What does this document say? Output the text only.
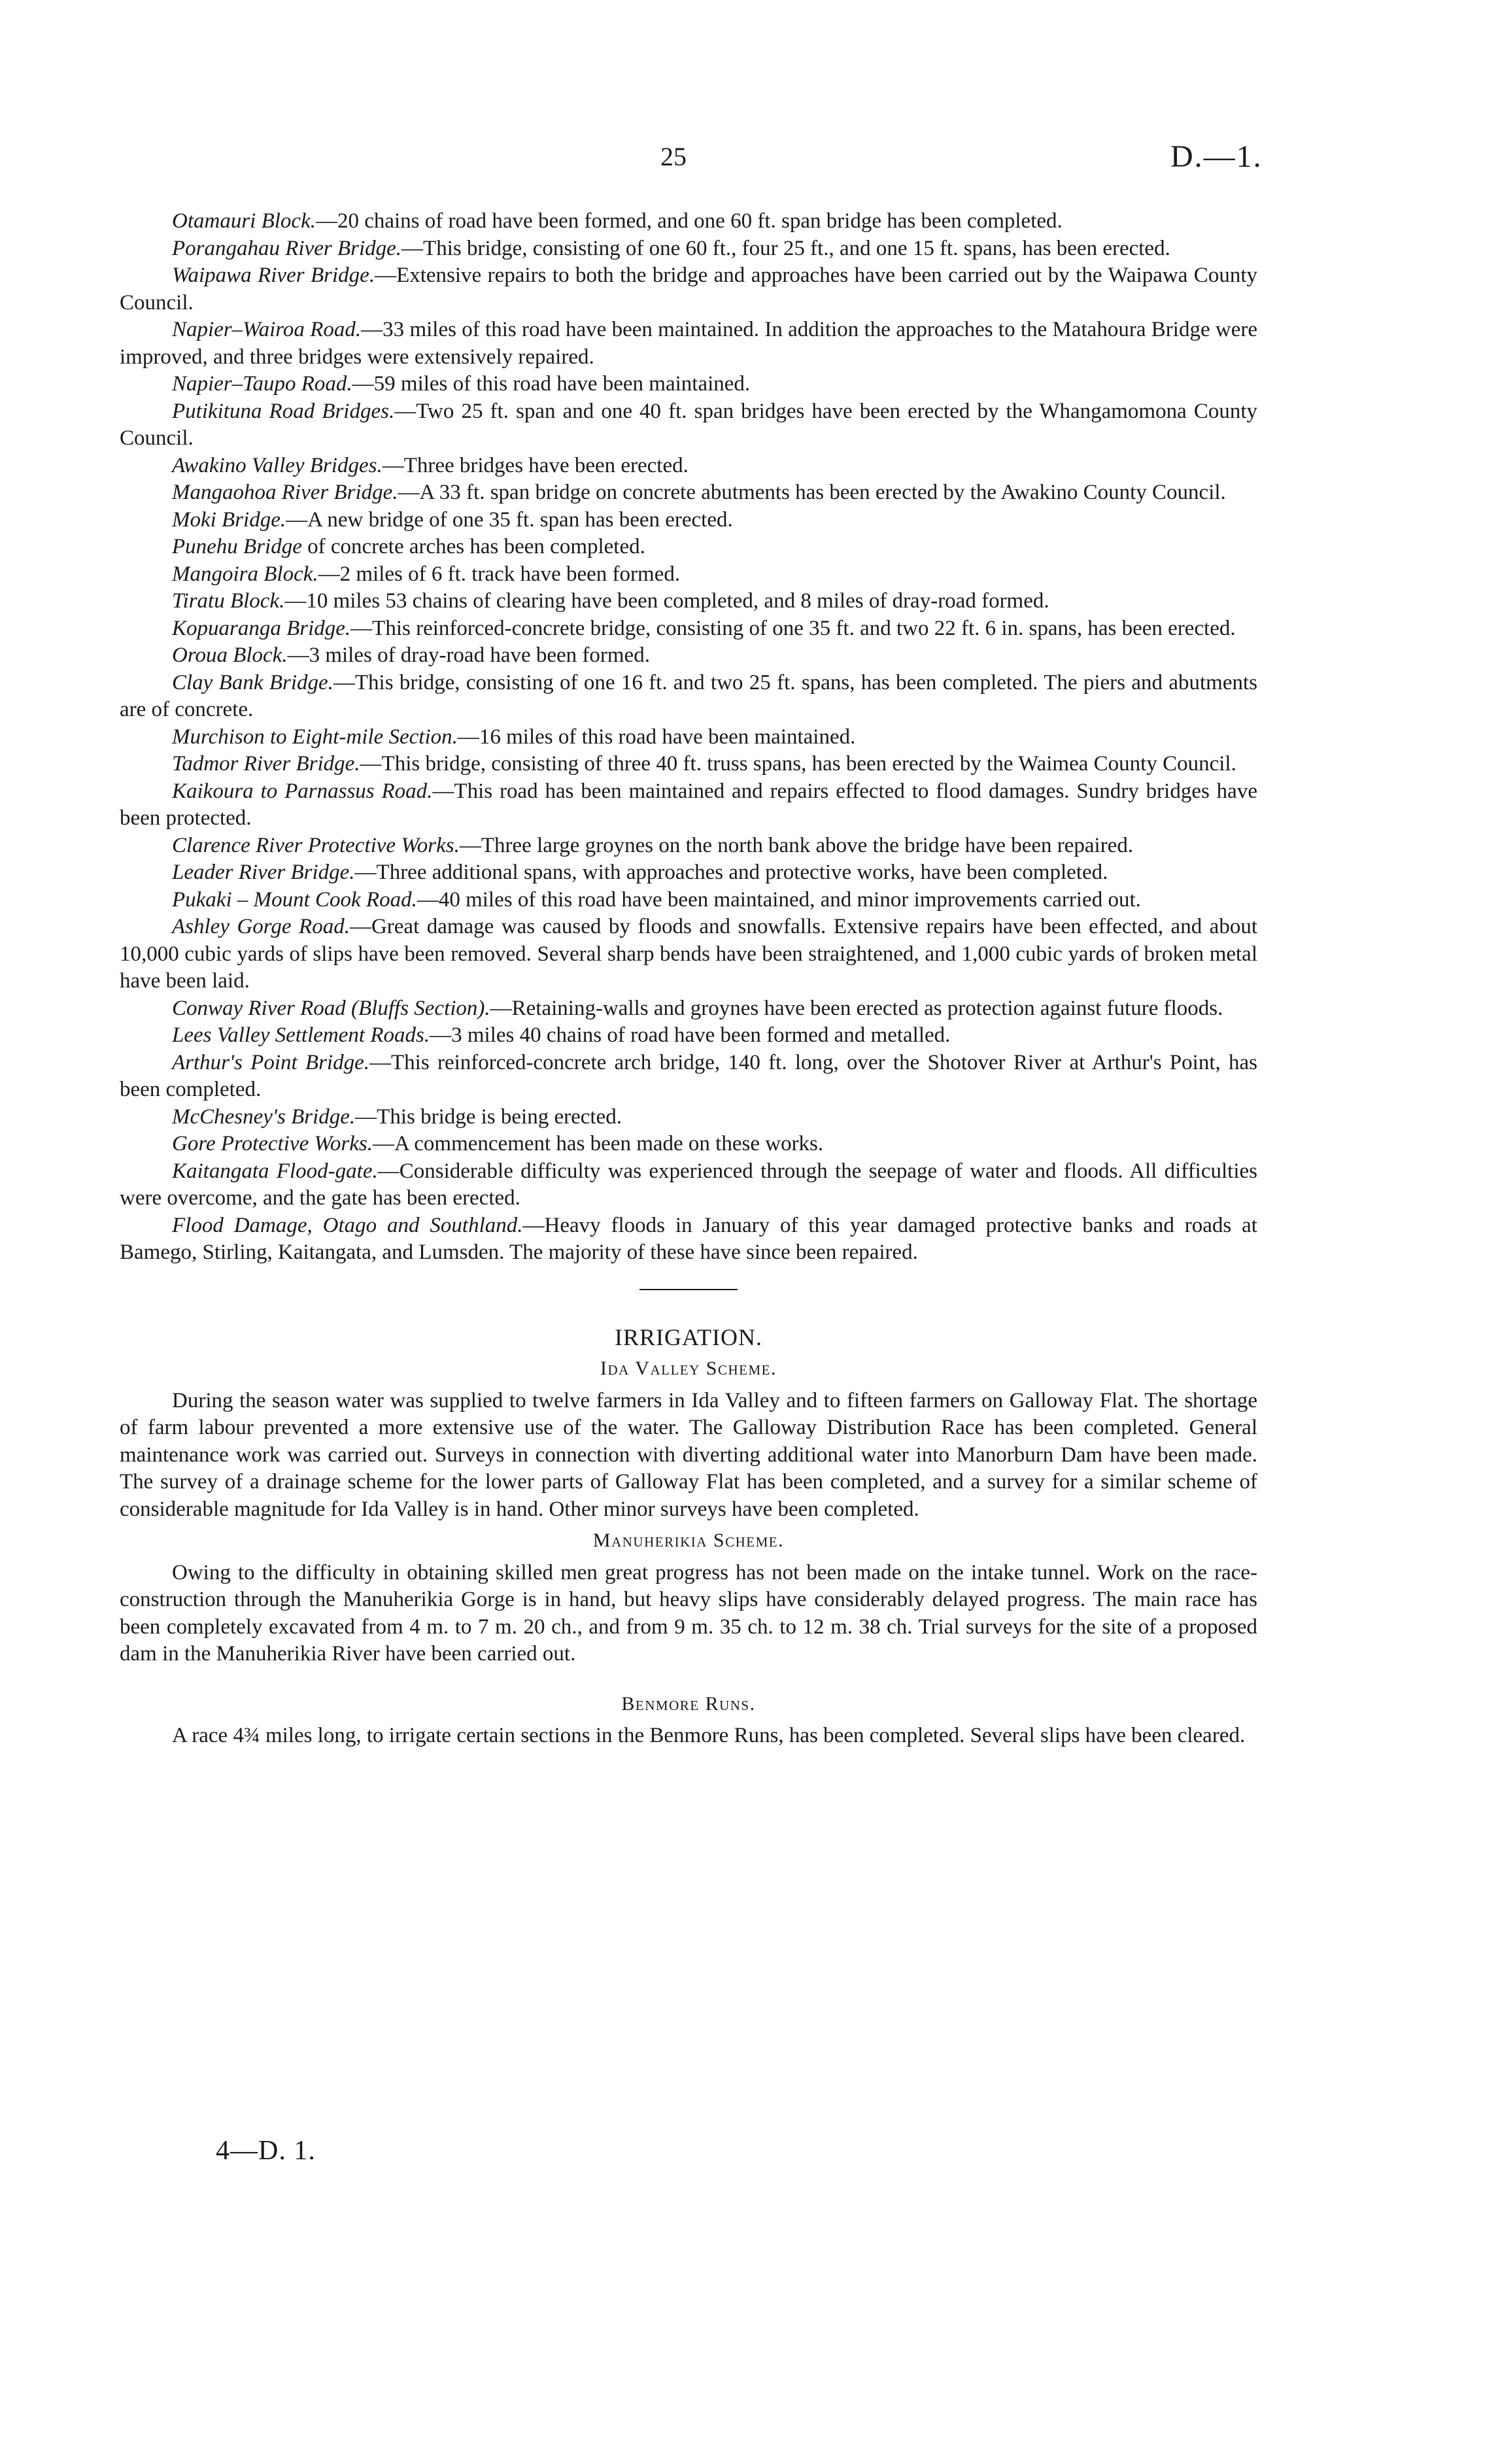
25	D.—1.

Otamauri Block.—20 chains of road have been formed, and one 60 ft. span bridge has been completed.

Porangahau River Bridge.—This bridge, consisting of one 60 ft., four 25 ft., and one 15 ft. spans, has been erected.

Waipawa River Bridge.—Extensive repairs to both the bridge and approaches have been carried out by the Waipawa County Council.

Napier–Wairoa Road.—33 miles of this road have been maintained. In addition the approaches to the Matahoura Bridge were improved, and three bridges were extensively repaired.

Napier–Taupo Road.—59 miles of this road have been maintained.

Putikituna Road Bridges.—Two 25 ft. span and one 40 ft. span bridges have been erected by the Whangamomona County Council.

Awakino Valley Bridges.—Three bridges have been erected.

Mangaohoa River Bridge.—A 33 ft. span bridge on concrete abutments has been erected by the Awakino County Council.

Moki Bridge.—A new bridge of one 35 ft. span has been erected.

Punehu Bridge of concrete arches has been completed.

Mangoira Block.—2 miles of 6 ft. track have been formed.

Tiratu Block.—10 miles 53 chains of clearing have been completed, and 8 miles of dray-road formed.

Kopuaranga Bridge.—This reinforced-concrete bridge, consisting of one 35 ft. and two 22 ft. 6 in. spans, has been erected.

Oroua Block.—3 miles of dray-road have been formed.

Clay Bank Bridge.—This bridge, consisting of one 16 ft. and two 25 ft. spans, has been completed. The piers and abutments are of concrete.

Murchison to Eight-mile Section.—16 miles of this road have been maintained.

Tadmor River Bridge.—This bridge, consisting of three 40 ft. truss spans, has been erected by the Waimea County Council.

Kaikoura to Parnassus Road.—This road has been maintained and repairs effected to flood damages. Sundry bridges have been protected.

Clarence River Protective Works.—Three large groynes on the north bank above the bridge have been repaired.

Leader River Bridge.—Three additional spans, with approaches and protective works, have been completed.

Pukaki – Mount Cook Road.—40 miles of this road have been maintained, and minor improvements carried out.

Ashley Gorge Road.—Great damage was caused by floods and snowfalls. Extensive repairs have been effected, and about 10,000 cubic yards of slips have been removed. Several sharp bends have been straightened, and 1,000 cubic yards of broken metal have been laid.

Conway River Road (Bluffs Section).—Retaining-walls and groynes have been erected as protection against future floods.

Lees Valley Settlement Roads.—3 miles 40 chains of road have been formed and metalled.

Arthur's Point Bridge.—This reinforced-concrete arch bridge, 140 ft. long, over the Shotover River at Arthur's Point, has been completed.

McChesney's Bridge.—This bridge is being erected.

Gore Protective Works.—A commencement has been made on these works.

Kaitangata Flood-gate.—Considerable difficulty was experienced through the seepage of water and floods. All difficulties were overcome, and the gate has been erected.

Flood Damage, Otago and Southland.—Heavy floods in January of this year damaged protective banks and roads at Bamego, Stirling, Kaitangata, and Lumsden. The majority of these have since been repaired.

IRRIGATION.
Ida Valley Scheme.

During the season water was supplied to twelve farmers in Ida Valley and to fifteen farmers on Galloway Flat. The shortage of farm labour prevented a more extensive use of the water. The Galloway Distribution Race has been completed. General maintenance work was carried out. Surveys in connection with diverting additional water into Manorburn Dam have been made. The survey of a drainage scheme for the lower parts of Galloway Flat has been completed, and a survey for a similar scheme of considerable magnitude for Ida Valley is in hand. Other minor surveys have been completed.

Manuherikia Scheme.

Owing to the difficulty in obtaining skilled men great progress has not been made on the intake tunnel. Work on the race-construction through the Manuherikia Gorge is in hand, but heavy slips have considerably delayed progress. The main race has been completely excavated from 4 m. to 7 m. 20 ch., and from 9 m. 35 ch. to 12 m. 38 ch. Trial surveys for the site of a proposed dam in the Manuherikia River have been carried out.

Benmore Runs.

A race 4¾ miles long, to irrigate certain sections in the Benmore Runs, has been completed. Several slips have been cleared.

4—D. 1.
